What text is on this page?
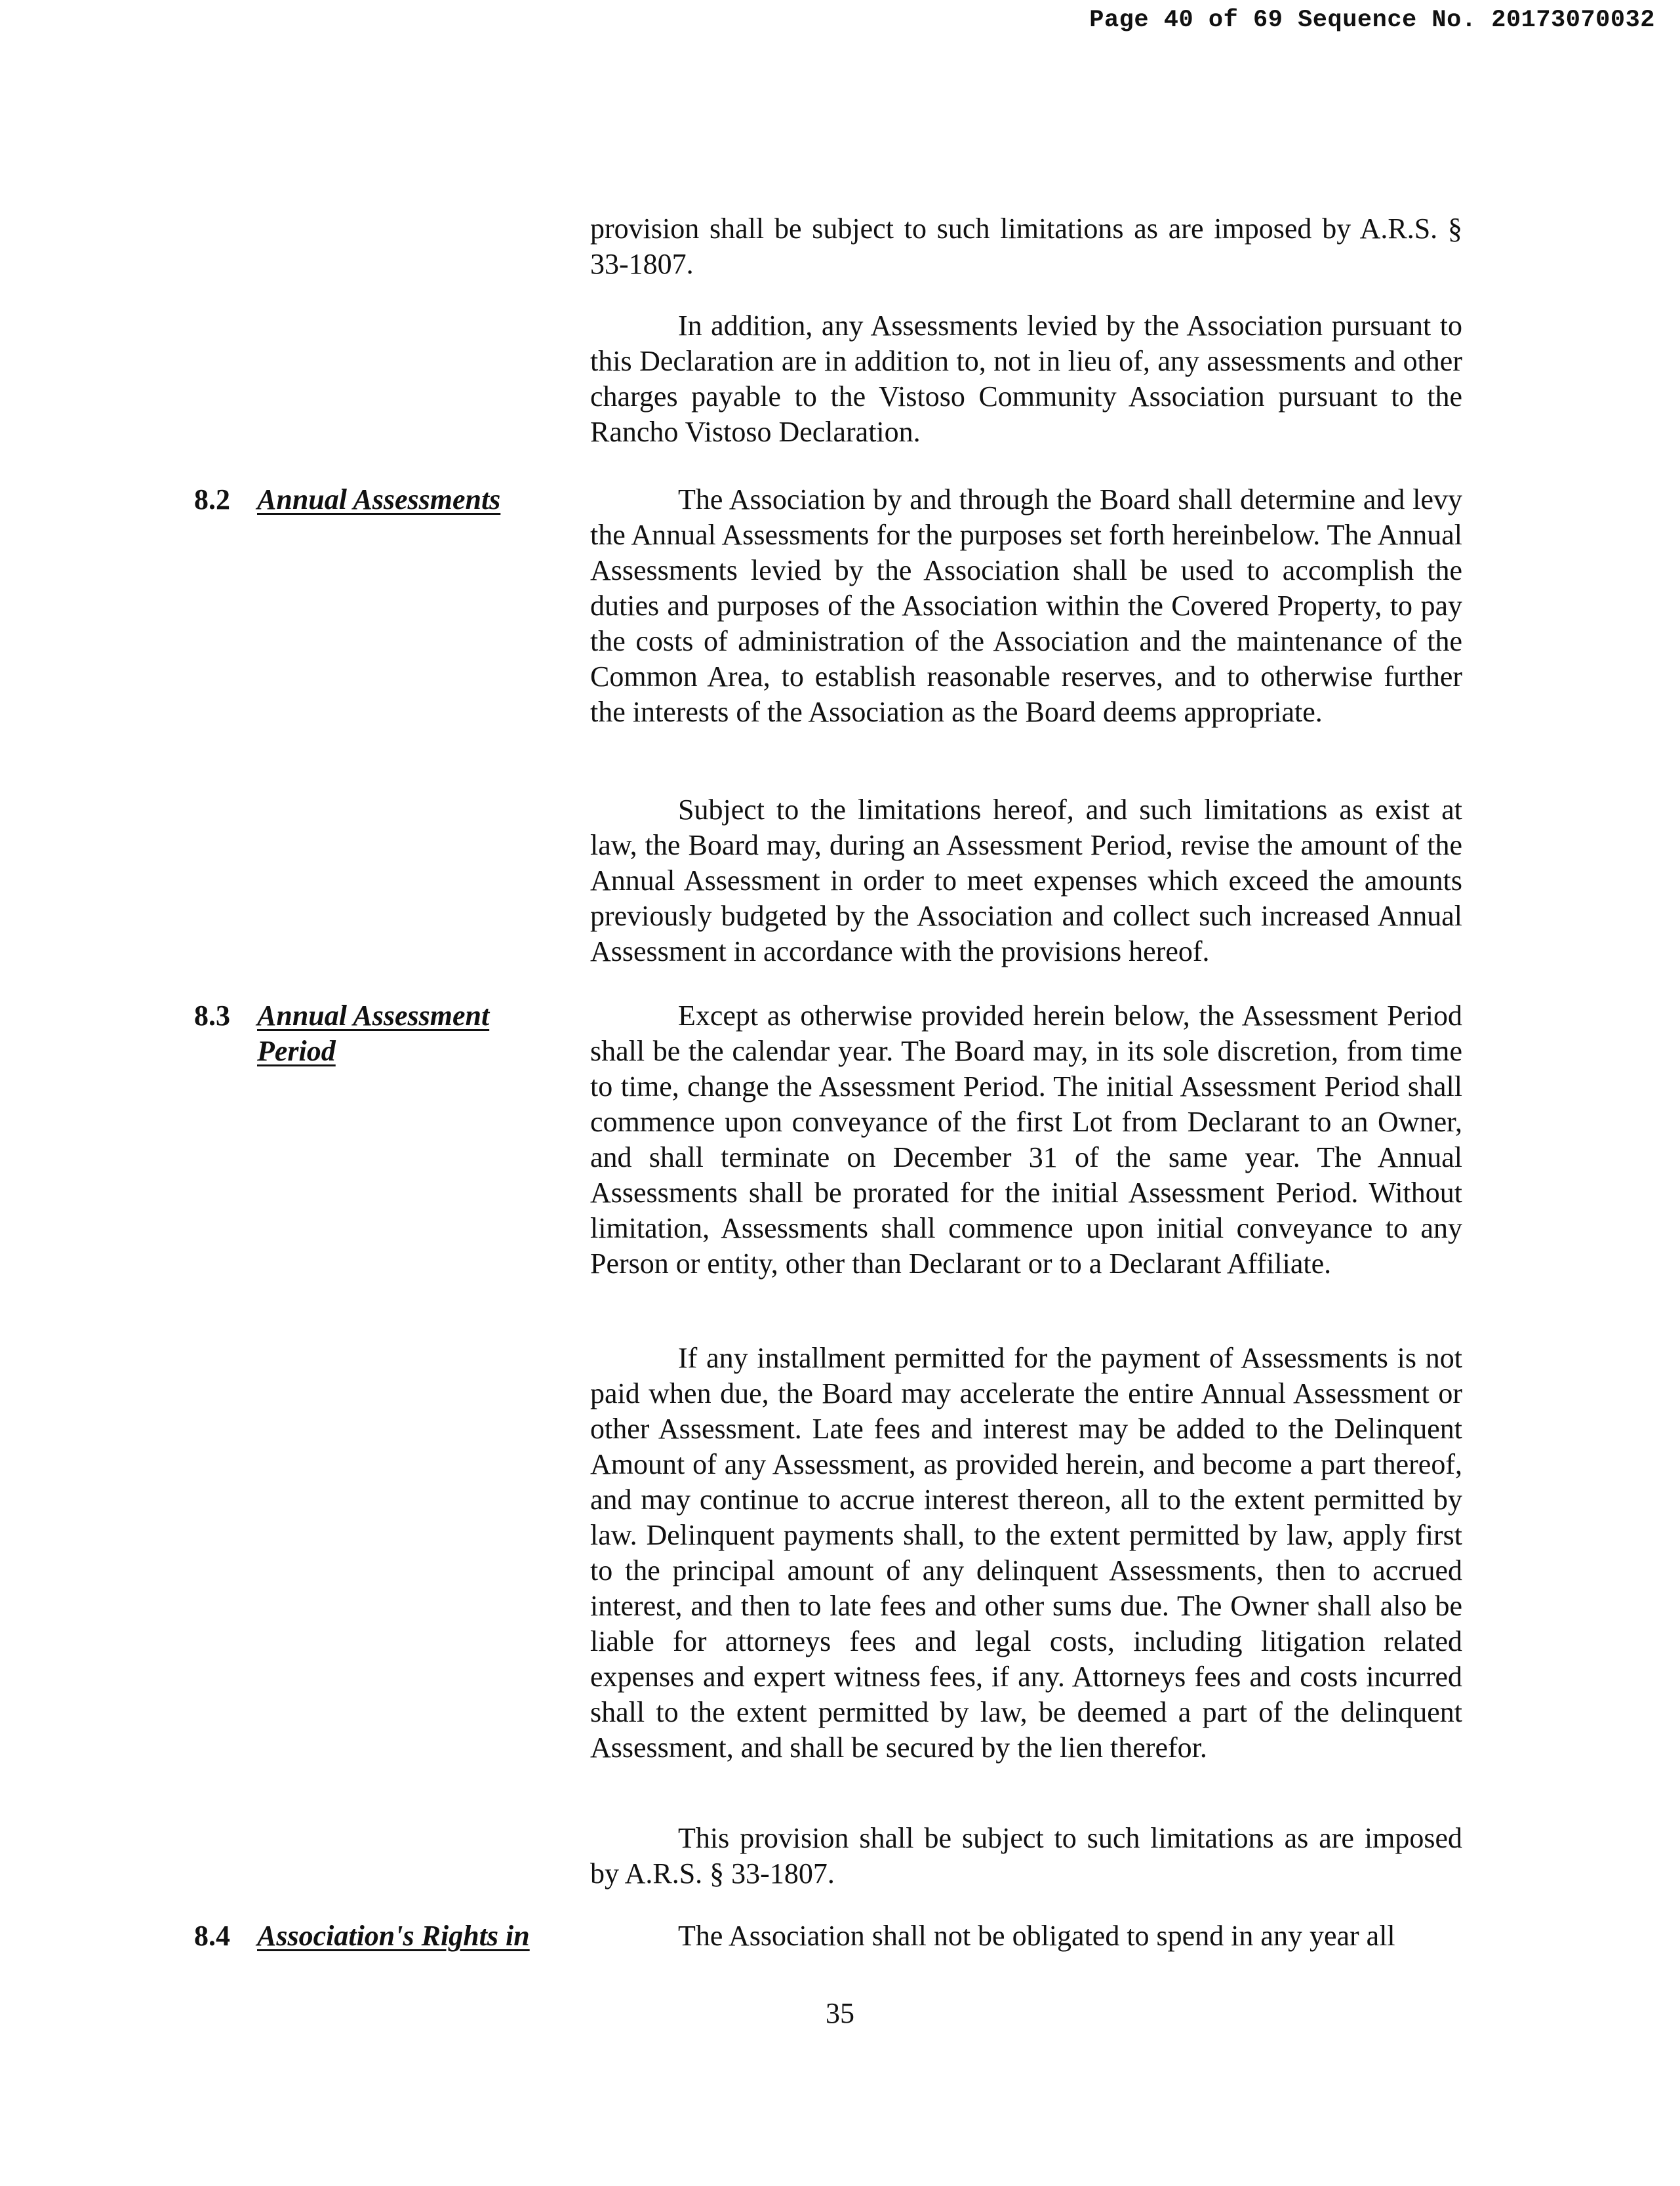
Page 40 of 69 Sequence No. 20173070032

provision shall be subject to such limitations as are imposed by A.R.S. § 33-1807.

In addition, any Assessments levied by the Association pursuant to this Declaration are in addition to, not in lieu of, any assessments and other charges payable to the Vistoso Community Association pursuant to the Rancho Vistoso Declaration.

8.2 Annual Assessments	The Association by and through the Board shall determine and levy the Annual Assessments for the purposes set forth hereinbelow. The Annual Assessments levied by the Association shall be used to accomplish the duties and purposes of the Association within the Covered Property, to pay the costs of administration of the Association and the maintenance of the Common Area, to establish reasonable reserves, and to otherwise further the interests of the Association as the Board deems appropriate.

Subject to the limitations hereof, and such limitations as exist at law, the Board may, during an Assessment Period, revise the amount of the Annual Assessment in order to meet expenses which exceed the amounts previously budgeted by the Association and collect such increased Annual Assessment in accordance with the provisions hereof.

8.3 Annual Assessment
Period

Except as otherwise provided herein below, the Assessment Period shall be the calendar year. The Board may, in its sole discretion, from time to time, change the Assessment Period. The initial Assessment Period shall commence upon conveyance of the first Lot from Declarant to an Owner, and shall terminate on December 31 of the same year. The Annual Assessments shall be prorated for the initial Assessment Period. Without limitation, Assessments shall commence upon initial conveyance to any Person or entity, other than Declarant or to a Declarant Affiliate.

If any installment permitted for the payment of Assessments is not paid when due, the Board may accelerate the entire Annual Assessment or other Assessment. Late fees and interest may be added to the Delinquent Amount of any Assessment, as provided herein, and become a part thereof, and may continue to accrue interest thereon, all to the extent permitted by law. Delinquent payments shall, to the extent permitted by law, apply first to the principal amount of any delinquent Assessments, then to accrued interest, and then to late fees and other sums due. The Owner shall also be liable for attorneys fees and legal costs, including litigation related expenses and expert witness fees, if any. Attorneys fees and costs incurred shall to the extent permitted by law, be deemed a part of the delinquent Assessment, and shall be secured by the lien therefor.

This provision shall be subject to such limitations as are imposed by A.R.S. § 33-1807.

8.4 Association's Rights in	The Association shall not be obligated to spend in any year all

35
